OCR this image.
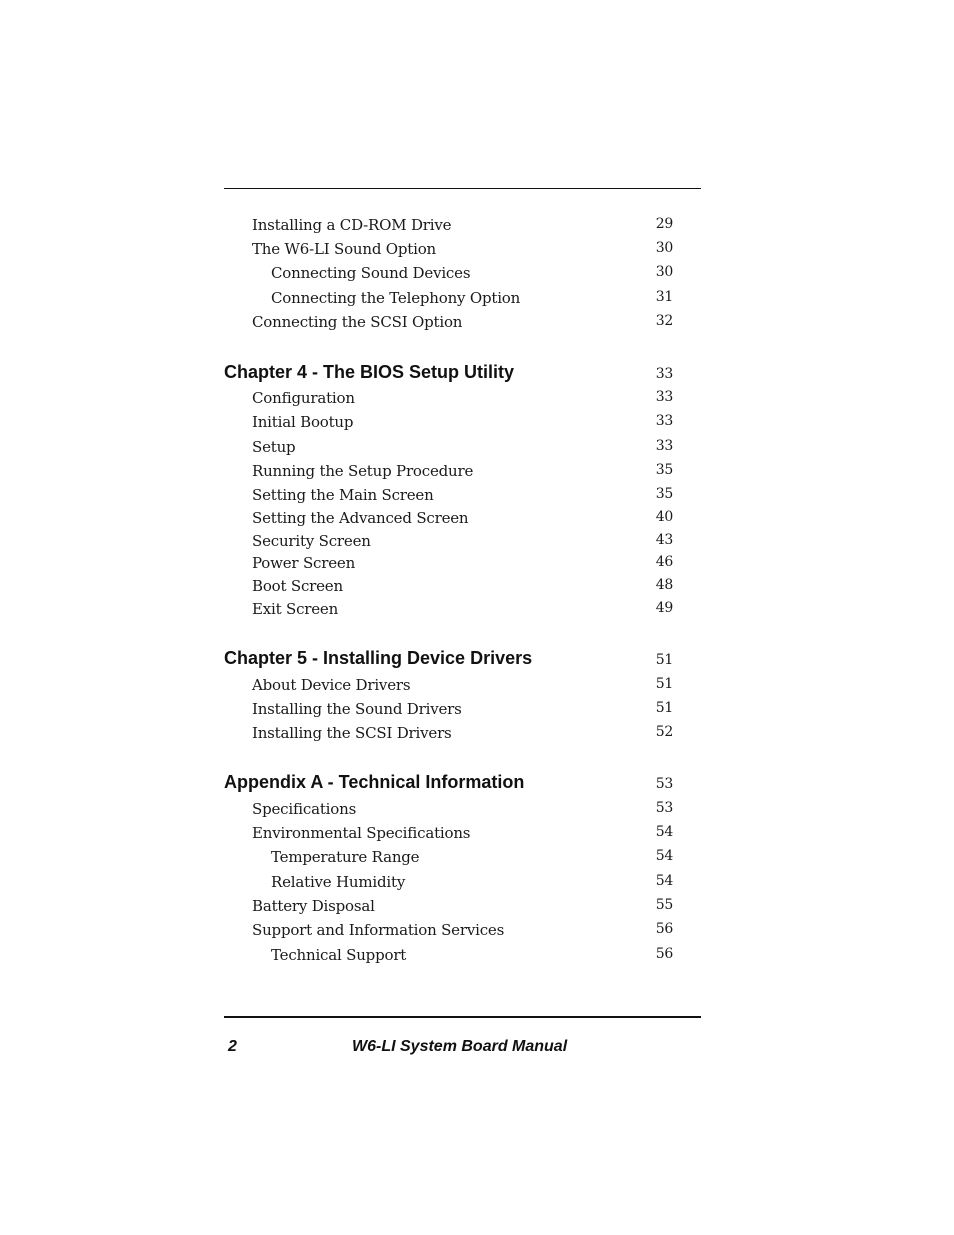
Installing a CD-ROM Drive	29
The W6-LI Sound Option	30
Connecting Sound Devices	30
Connecting the Telephony Option	31
Connecting the SCSI Option	32
Chapter 4 - The BIOS Setup Utility	33
Configuration	33
Initial Bootup	33
Setup	33
Running the Setup Procedure	35
Setting the Main Screen	35
Setting the Advanced Screen	40
Security Screen	43
Power Screen	46
Boot Screen	48
Exit Screen	49
Chapter 5 - Installing Device Drivers	51
About Device Drivers	51
Installing the Sound Drivers	51
Installing the SCSI Drivers	52
Appendix A - Technical Information	53
Specifications	53
Environmental Specifications	54
Temperature Range	54
Relative Humidity	54
Battery Disposal	55
Support and Information Services	56
Technical Support	56
2	W6-LI System Board Manual
